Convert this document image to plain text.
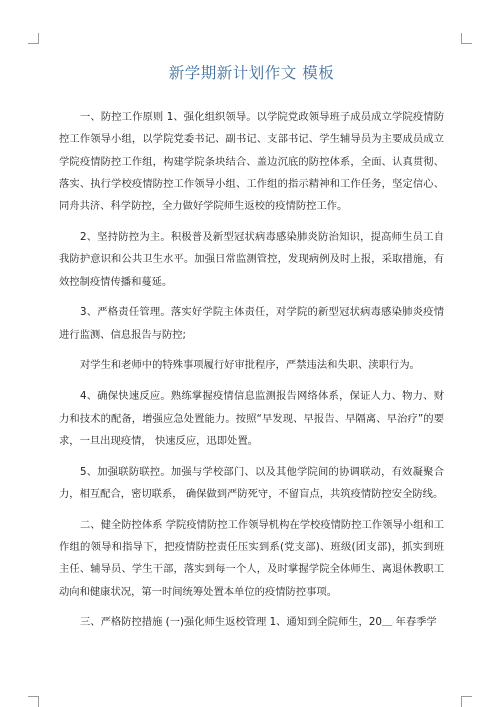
新学期新计划作文 模板

一、防控工作原则 1、强化组织领导。以学院党政领导班子成员成立学院疫情防控工作领导小组，以学院党委书记、副书记、支部书记、学生辅导员为主要成员成立学院疫情防控工作组，构建学院条块结合、盖边沉底的防控体系，全面、认真贯彻、落实、执行学校疫情防控工作领导小组、工作组的指示精神和工作任务，坚定信心、同舟共济、科学防控，全力做好学院师生返校的疫情防控工作。

2、坚持防控为主。积极普及新型冠状病毒感染肺炎防治知识，提高师生员工自我防护意识和公共卫生水平。加强日常监测管控，发现病例及时上报，采取措施，有效控制疫情传播和蔓延。

3、严格责任管理。落实好学院主体责任，对学院的新型冠状病毒感染肺炎疫情进行监测、信息报告与防控;

对学生和老师中的特殊事项履行好审批程序，严禁违法和失职、渎职行为。

4、确保快速反应。熟练掌握疫情信息监测报告网络体系，保证人力、物力、财力和技术的配备，增强应急处置能力。按照“早发现、早报告、早隔离、早治疗”的要求，一旦出现疫情， 快速反应，迅即处置。

5、加强联防联控。加强与学校部门、以及其他学院间的协调联动，有效凝聚合力，相互配合，密切联系， 确保做到严防死守，不留盲点，共筑疫情防控安全防线。

二、健全防控体系 学院疫情防控工作领导机构在学校疫情防控工作领导小组和工作组的领导和指导下，把疫情防控责任压实到系(党支部)、班级(团支部)，抓实到班主任、辅导员、学生干部，落实到每一个人，及时掌握学院全体师生、离退休教职工动向和健康状况，第一时间统筹处置本单位的疫情防控事项。

三、严格防控措施 (一)强化师生返校管理 1、通知到全院师生，20＿ 年春季学
